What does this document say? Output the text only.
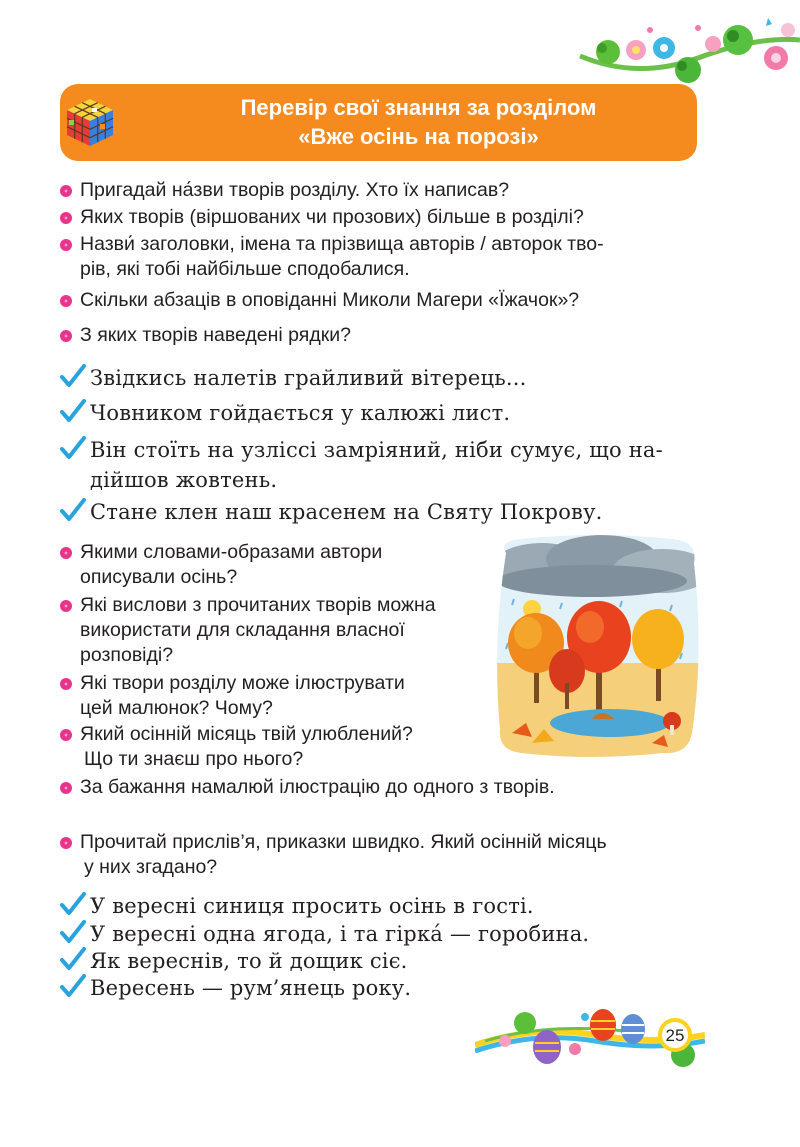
Перевір свої знання за розділом
«Вже осінь на порозі»
Пригадай на́зви творів розділу. Хто їх написав?
Яких творів (віршованих чи прозових) більше в розділі?
Назви́ заголовки, імена та прізвища авторів / авторок тво-
рів, які тобі найбільше сподобалися.
Скільки абзаців в оповіданні Миколи Магери «Їжачок»?
З яких творів наведені рядки?
Звідкись налетів грайливий вітерець...
Човником гойдається у калюжі лист.
Він стоїть на узліссі замріяний, ніби сумує, що на-
дійшов жовтень.
Стане клен наш красенем на Святу Покрову.
Якими словами-образами автори
описували осінь?
Які вислови з прочитаних творів можна
використати для складання власної
розповіді?
Які твори розділу може ілюструвати
цей малюнок? Чому?
Який осінній місяць твій улюблений?
Що ти знаєш про нього?
За бажання намалюй ілюстрацію до одного з творів.
Прочитай прислів’я, приказки швидко. Який осінній місяць
у них згадано?
У вересні синиця просить осінь в гості.
У вересні одна ягода, і та гірка́ — горобина.
Як вереснів, то й дощик сіє.
Вересень — рум’янець року.
25
